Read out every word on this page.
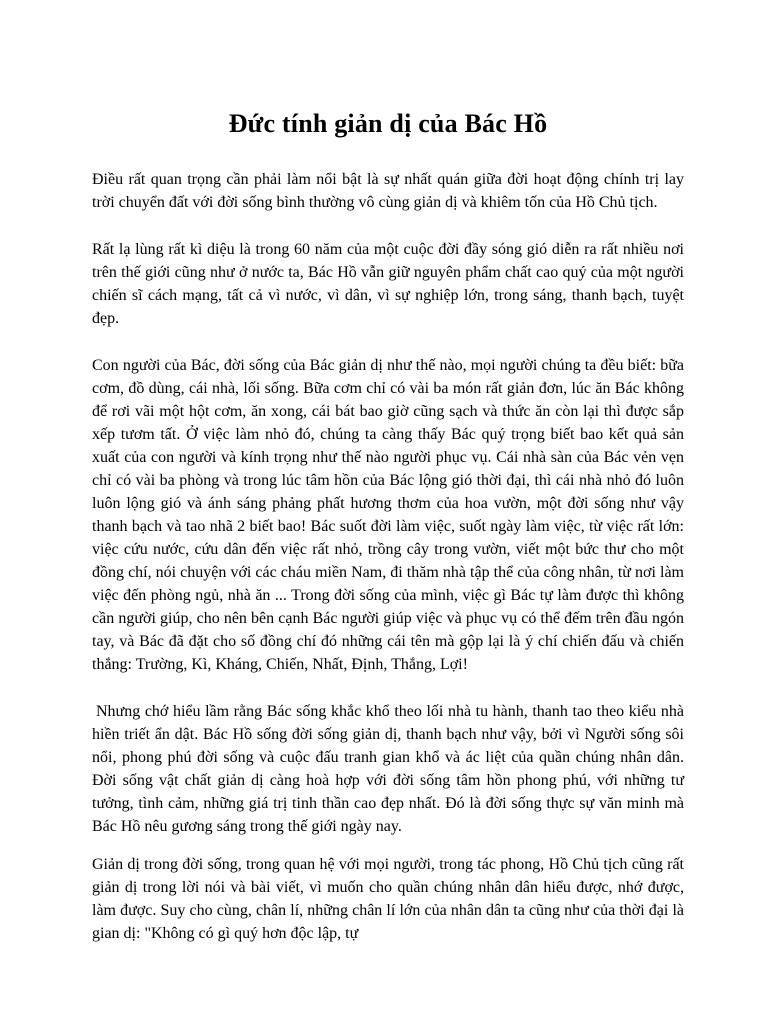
Đức tính giản dị của Bác Hồ

Điều rất quan trọng cần phải làm nổi bật là sự nhất quán giữa đời hoạt động chính trị lay trời chuyển đất với đời sống bình thường vô cùng giản dị và khiêm tốn của Hồ Chủ tịch.

Rất lạ lùng rất kì diệu là trong 60 năm của một cuộc đời đầy sóng gió diễn ra rất nhiều nơi trên thế giới cũng như ở nước ta, Bác Hồ vẫn giữ nguyên phẩm chất cao quý của một người chiến sĩ cách mạng, tất cả vì nước, vì dân, vì sự nghiệp lớn, trong sáng, thanh bạch, tuyệt đẹp.

Con người của Bác, đời sống của Bác giản dị như thế nào, mọi người chúng ta đều biết: bữa cơm, đồ dùng, cái nhà, lối sống. Bữa cơm chỉ có vài ba món rất giản đơn, lúc ăn Bác không để rơi vãi một hột cơm, ăn xong, cái bát bao giờ cũng sạch và thức ăn còn lại thì được sắp xếp tươm tất. Ở việc làm nhỏ đó, chúng ta càng thấy Bác quý trọng biết bao kết quả sản xuất của con người và kính trọng như thế nào người phục vụ. Cái nhà sàn của Bác vẻn vẹn chỉ có vài ba phòng và trong lúc tâm hồn của Bác lộng gió thời đại, thì cái nhà nhỏ đó luôn luôn lộng gió và ánh sáng phảng phất hương thơm của hoa vườn, một đời sống như vậy thanh bạch và tao nhã 2 biết bao! Bác suốt đời làm việc, suốt ngày làm việc, từ việc rất lớn: việc cứu nước, cứu dân đến việc rất nhỏ, trồng cây trong vườn, viết một bức thư cho một đồng chí, nói chuyện với các cháu miền Nam, đi thăm nhà tập thể của công nhân, từ nơi làm việc đến phòng ngủ, nhà ăn ... Trong đời sống của mình, việc gì Bác tự làm được thì không cần người giúp, cho nên bên cạnh Bác người giúp việc và phục vụ có thể đếm trên đầu ngón tay, và Bác đã đặt cho số đồng chí đó những cái tên mà gộp lại là ý chí chiến đấu và chiến thắng: Trường, Kì, Kháng, Chiến, Nhất, Định, Thắng, Lợi!

Nhưng chớ hiểu lầm rằng Bác sống khắc khổ theo lối nhà tu hành, thanh tao theo kiểu nhà hiền triết ẩn dật. Bác Hồ sống đời sống giản dị, thanh bạch như vậy, bởi vì Người sống sôi nổi, phong phú đời sống và cuộc đấu tranh gian khổ và ác liệt của quần chúng nhân dân. Đời sống vật chất giản dị càng hoà hợp với đời sống tâm hồn phong phú, với những tư tưởng, tình cảm, những giá trị tinh thần cao đẹp nhất. Đó là đời sống thực sự văn minh mà Bác Hồ nêu gương sáng trong thế giới ngày nay.

Giản dị trong đời sống, trong quan hệ với mọi người, trong tác phong, Hồ Chủ tịch cũng rất giản dị trong lời nói và bài viết, vì muốn cho quần chúng nhân dân hiểu được, nhớ được, làm được. Suy cho cùng, chân lí, những chân lí lớn của nhân dân ta cũng như của thời đại là gian dị: "Không có gì quý hơn độc lập, tự
